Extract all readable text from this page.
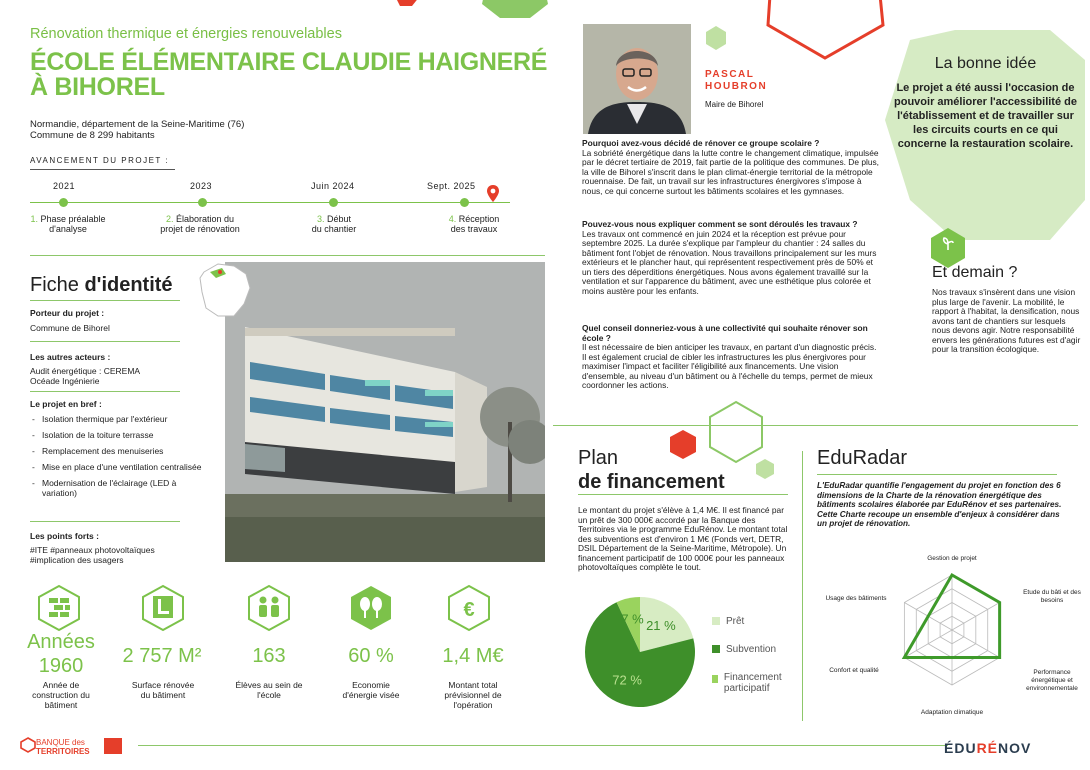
Rénovation thermique et énergies renouvelables
ÉCOLE ÉLÉMENTAIRE CLAUDIE HAIGNERÉ
À BIHOREL
Normandie, département de la Seine-Maritime (76)
Commune de 8 299 habitants
AVANCEMENT DU PROJET :
2021	2023	Juin 2024	Sept. 2025
1. Phase préalable
d'analyse
2. Élaboration du
projet de rénovation
3. Début
du chantier
4. Réception
des travaux
Fiche d'identité
Porteur du projet :
Commune de Bihorel
Les autres acteurs :
Audit énergétique : CEREMA
Océade Ingénierie
Le projet en bref :
- Isolation thermique par l'extérieur
- Isolation de la toiture terrasse
- Remplacement des menuiseries
- Mise en place d'une ventilation centralisée
- Modernisation de l'éclairage (LED à variation)
Les points forts :
#ITE #panneaux photovoltaïques
#implication des usagers
€
Années
1960	2 757 M²	163	60 %	1,4 M€
Année de construction du bâtiment
Surface rénovée du bâtiment
Élèves au sein de l'école
Economie d'énergie visée
Montant total prévisionnel de l'opération
PASCAL
HOUBRON
Maire de Bihorel
Pourquoi avez-vous décidé de rénover ce groupe scolaire ?
La sobriété énergétique dans la lutte contre le changement climatique, impulsée par le décret tertiaire de 2019, fait partie de la politique des communes. De plus, la ville de Bihorel s'inscrit dans le plan climat-énergie territorial de la métropole rouennaise. De fait, un travail sur les infrastructures énergivores s'impose à nous, ce qui concerne surtout les bâtiments scolaires et les gymnases.
Pouvez-vous nous expliquer comment se sont déroulés les travaux ?
Les travaux ont commencé en juin 2024 et la réception est prévue pour septembre 2025. La durée s'explique par l'ampleur du chantier : 24 salles du bâtiment font l'objet de rénovation. Nous travaillons principalement sur les murs extérieurs et le plancher haut, qui représentent respectivement près de 50% et un tiers des déperditions énergétiques. Nous avons également travaillé sur la ventilation et sur l'apparence du bâtiment, avec une esthétique plus colorée et moins austère pour les enfants.
Quel conseil donneriez-vous à une collectivité qui souhaite rénover son école ?
Il est nécessaire de bien anticiper les travaux, en partant d'un diagnostic précis. Il est également crucial de cibler les infrastructures les plus énergivores pour maximiser l'impact et faciliter l'éligibilité aux financements. Une vision d'ensemble, au niveau d'un bâtiment ou à l'échelle du temps, permet de mieux coordonner les actions.
La bonne idée
Le projet a été aussi l'occasion de pouvoir améliorer l'accessibilité de l'établissement et de travailler sur les circuits courts en ce qui concerne la restauration scolaire.
Et demain ?
Nos travaux s'insèrent dans une vision plus large de l'avenir. La mobilité, le rapport à l'habitat, la densification, nous avons tant de chantiers sur lesquels nous devons agir. Notre responsabilité envers les générations futures est d'agir pour la transition écologique.
Plan
de financement
Le montant du projet s'élève à 1,4 M€. Il est financé par un prêt de 300 000€ accordé par la Banque des Territoires via le programme EduRénov. Le montant total des subventions est d'environ 1 M€ (Fonds vert, DETR, DSIL Département de la Seine-Maritime, Métropole). Un financement participatif de 100 000€ pour les panneaux photovoltaïques complète le tout.
21 %
72 %
7 %	Prêt
Subvention
Financement participatif
EduRadar
L'EduRadar quantifie l'engagement du projet en fonction des 6 dimensions de la Charte de la rénovation énergétique des bâtiments scolaires élaborée par EduRénov et ses partenaires. Cette Charte recoupe un ensemble d'enjeux à considérer dans un projet de rénovation.
Gestion de projet
Etude du bâti et des besoins
Performance énergétique et environnementale
Adaptation climatique
Confort et qualité
Usage des bâtiments
BANQUE des
TERRITOIRES	ÉDURÉNOV
